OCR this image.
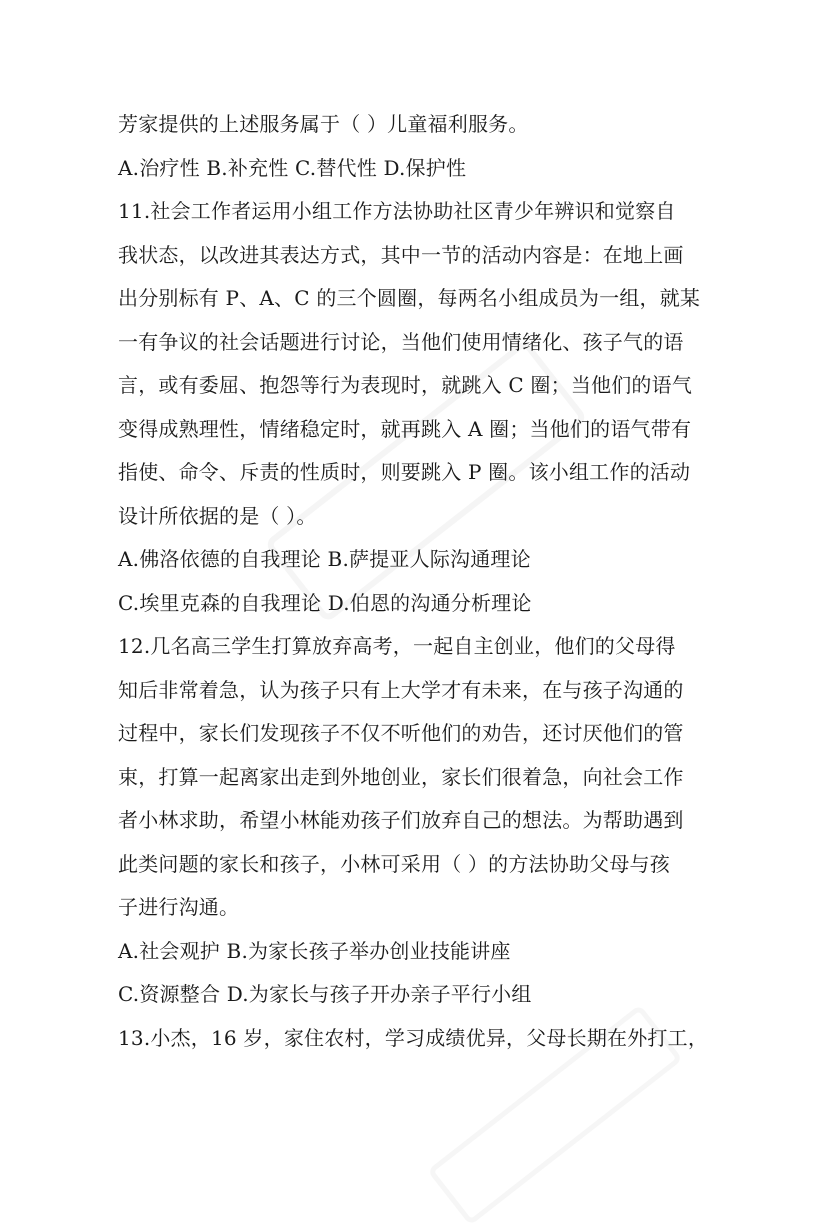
芳家提供的上述服务属于（ ）儿童福利服务。
A.治疗性 B.补充性 C.替代性 D.保护性
11.社会工作者运用小组工作方法协助社区青少年辨识和觉察自
我状态，以改进其表达方式，其中一节的活动内容是：在地上画
出分别标有 P、A、C 的三个圆圈，每两名小组成员为一组，就某
一有争议的社会话题进行讨论，当他们使用情绪化、孩子气的语
言，或有委屈、抱怨等行为表现时，就跳入 C 圈；当他们的语气
变得成熟理性，情绪稳定时，就再跳入 A 圈；当他们的语气带有
指使、命令、斥责的性质时，则要跳入 P 圈。该小组工作的活动
设计所依据的是（ ）。
A.佛洛依德的自我理论 B.萨提亚人际沟通理论
C.埃里克森的自我理论 D.伯恩的沟通分析理论
12.几名高三学生打算放弃高考，一起自主创业，他们的父母得
知后非常着急，认为孩子只有上大学才有未来，在与孩子沟通的
过程中，家长们发现孩子不仅不听他们的劝告，还讨厌他们的管
束，打算一起离家出走到外地创业，家长们很着急，向社会工作
者小林求助，希望小林能劝孩子们放弃自己的想法。为帮助遇到
此类问题的家长和孩子，小林可采用（ ）的方法协助父母与孩
子进行沟通。
A.社会观护 B.为家长孩子举办创业技能讲座
C.资源整合 D.为家长与孩子开办亲子平行小组
13.小杰，16 岁，家住农村，学习成绩优异，父母长期在外打工，
